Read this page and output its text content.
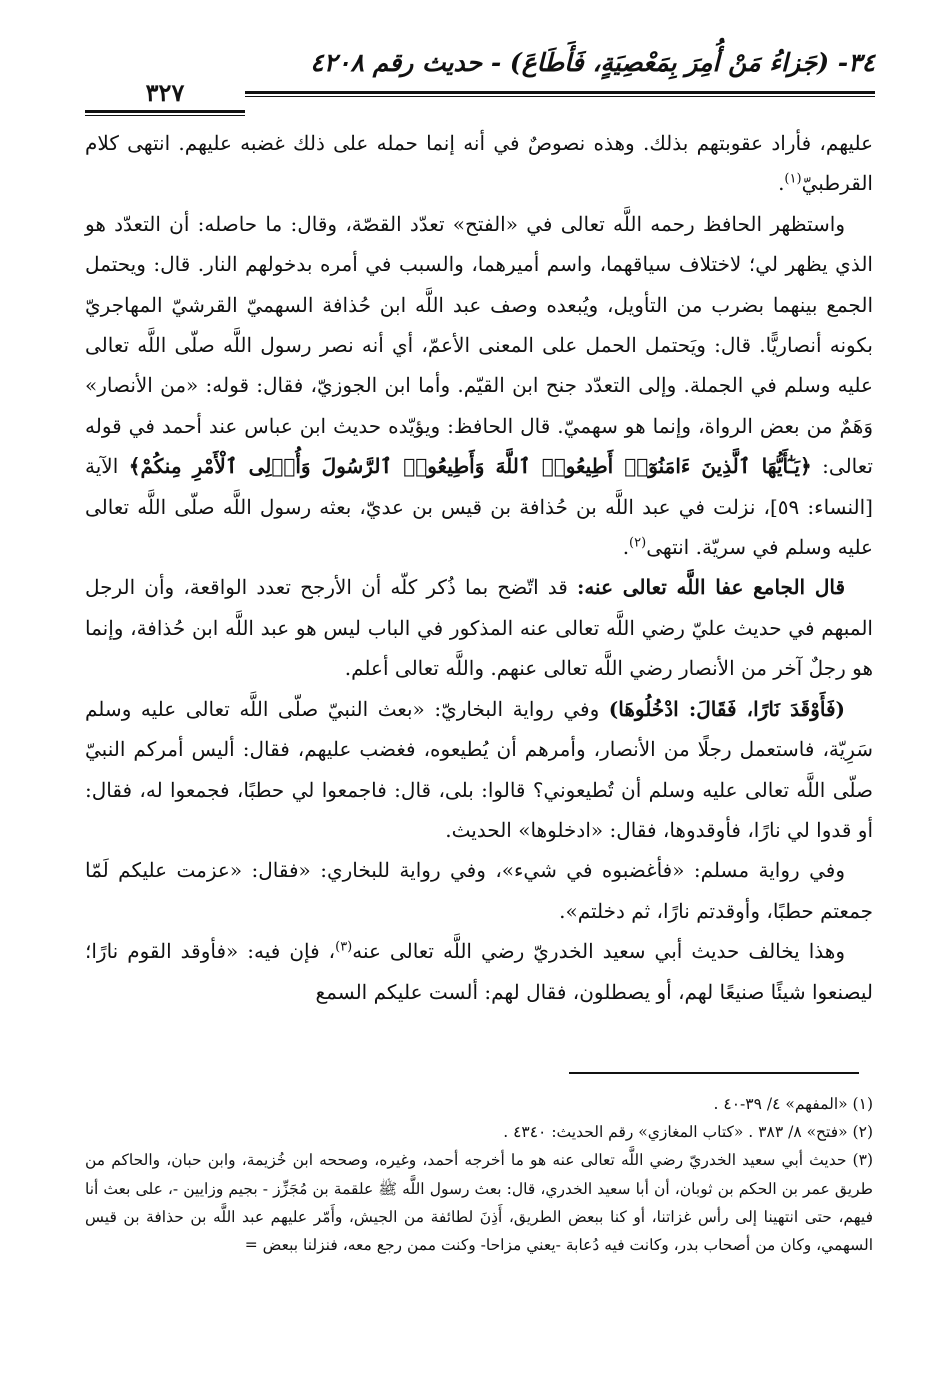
٣٤- (جَزاءُ مَنْ أُمِرَ بِمَعْصِيَةٍ، فَأَطَاعَ) - حديث رقم ٤٢٠٨
٣٢٧

عليهم، فأراد عقوبتهم بذلك. وهذه نصوصٌ في أنه إنما حمله على ذلك غضبه عليهم. انتهى كلام القرطبيّ$^{(١)}$.

واستظهر الحافظ رحمه اللَّه تعالى في «الفتح» تعدّد القصّة، وقال: ما حاصله: أن التعدّد هو الذي يظهر لي؛ لاختلاف سياقهما، واسم أميرهما، والسبب في أمره بدخولهم النار. قال: ويحتمل الجمع بينهما بضرب من التأويل، ويُبعده وصف عبد اللَّه ابن حُذافة السهميّ القرشيّ المهاجريّ بكونه أنصاريًّا. قال: ويَحتمل الحمل على المعنى الأعمّ، أي أنه نصر رسول اللَّه صلّى اللَّه تعالى عليه وسلم في الجملة. وإلى التعدّد جنح ابن القيّم. وأما ابن الجوزيّ، فقال: قوله: «من الأنصار» وَهَمٌ من بعض الرواة، وإنما هو سهميّ. قال الحافظ: ويؤيّده حديث ابن عباس عند أحمد في قوله تعالى: ﴿يَـٰٓأَيُّهَا ٱلَّذِينَ ءَامَنُوٓا۟ أَطِيعُوا۟ ٱللَّهَ وَأَطِيعُوا۟ ٱلرَّسُولَ وَأُو۟لِى ٱلْأَمْرِ مِنكُمْ﴾ الآية [النساء: ٥٩]، نزلت في عبد اللَّه بن حُذافة بن قيس بن عديّ، بعثه رسول اللَّه صلّى اللَّه تعالى عليه وسلم في سريّة. انتهى$^{(٢)}$.

قال الجامع عفا اللَّه تعالى عنه: قد اتّضح بما ذُكر كلّه أن الأرجح تعدد الواقعة، وأن الرجل المبهم في حديث عليّ رضي اللَّه تعالى عنه المذكور في الباب ليس هو عبد اللَّه ابن حُذافة، وإنما هو رجلٌ آخر من الأنصار رضي اللَّه تعالى عنهم. واللَّه تعالى أعلم.

(فَأَوْقَدَ نَارًا، فَقَالَ: ادْخُلُوهَا) وفي رواية البخاريّ: «بعث النبيّ صلّى اللَّه تعالى عليه وسلم سَرِيّة، فاستعمل رجلًا من الأنصار، وأمرهم أن يُطيعوه، فغضب عليهم، فقال: أليس أمركم النبيّ صلّى اللَّه تعالى عليه وسلم أن تُطيعوني؟ قالوا: بلى، قال: فاجمعوا لي حطبًا، فجمعوا له، فقال: أو قدوا لي نارًا، فأوقدوها، فقال: «ادخلوها» الحديث.

وفي رواية مسلم: «فأغضبوه في شيء»، وفي رواية للبخاري: «فقال: «عزمت عليكم لَمّا جمعتم حطبًا، وأوقدتم نارًا، ثم دخلتم».

وهذا يخالف حديث أبي سعيد الخدريّ رضي اللَّه تعالى عنه$^{(٣)}$، فإن فيه: «فأوقد القوم نارًا؛ ليصنعوا شيئًا صنيعًا لهم، أو يصطلون، فقال لهم: ألست عليكم السمع

(١) «المفهم» ٤/ ٣٩-٤٠ .

(٢) «فتح» ٨/ ٣٨٣ . «كتاب المغازي» رقم الحديث: ٤٣٤٠ .

(٣) حديث أبي سعيد الخدريّ رضي اللَّه تعالى عنه هو ما أخرجه أحمد، وغيره، وصححه ابن خُزيمة، وابن حبان، والحاكم من طريق عمر بن الحكم بن ثوبان، أن أبا سعيد الخدري، قال: بعث رسول اللَّه ﷺ علقمة بن مُجَزِّز - بجيم وزايين -، على بعث أنا فيهم، حتى انتهينا إلى رأس غزاتنا، أو كنا ببعض الطريق، أَذِنَ لطائفة من الجيش، وأَمّر عليهم عبد اللَّه بن حذافة بن قيس السهمي، وكان من أصحاب بدر، وكانت فيه دُعابة -يعني مزاحا- وكنت ممن رجع معه، فنزلنا ببعض =
